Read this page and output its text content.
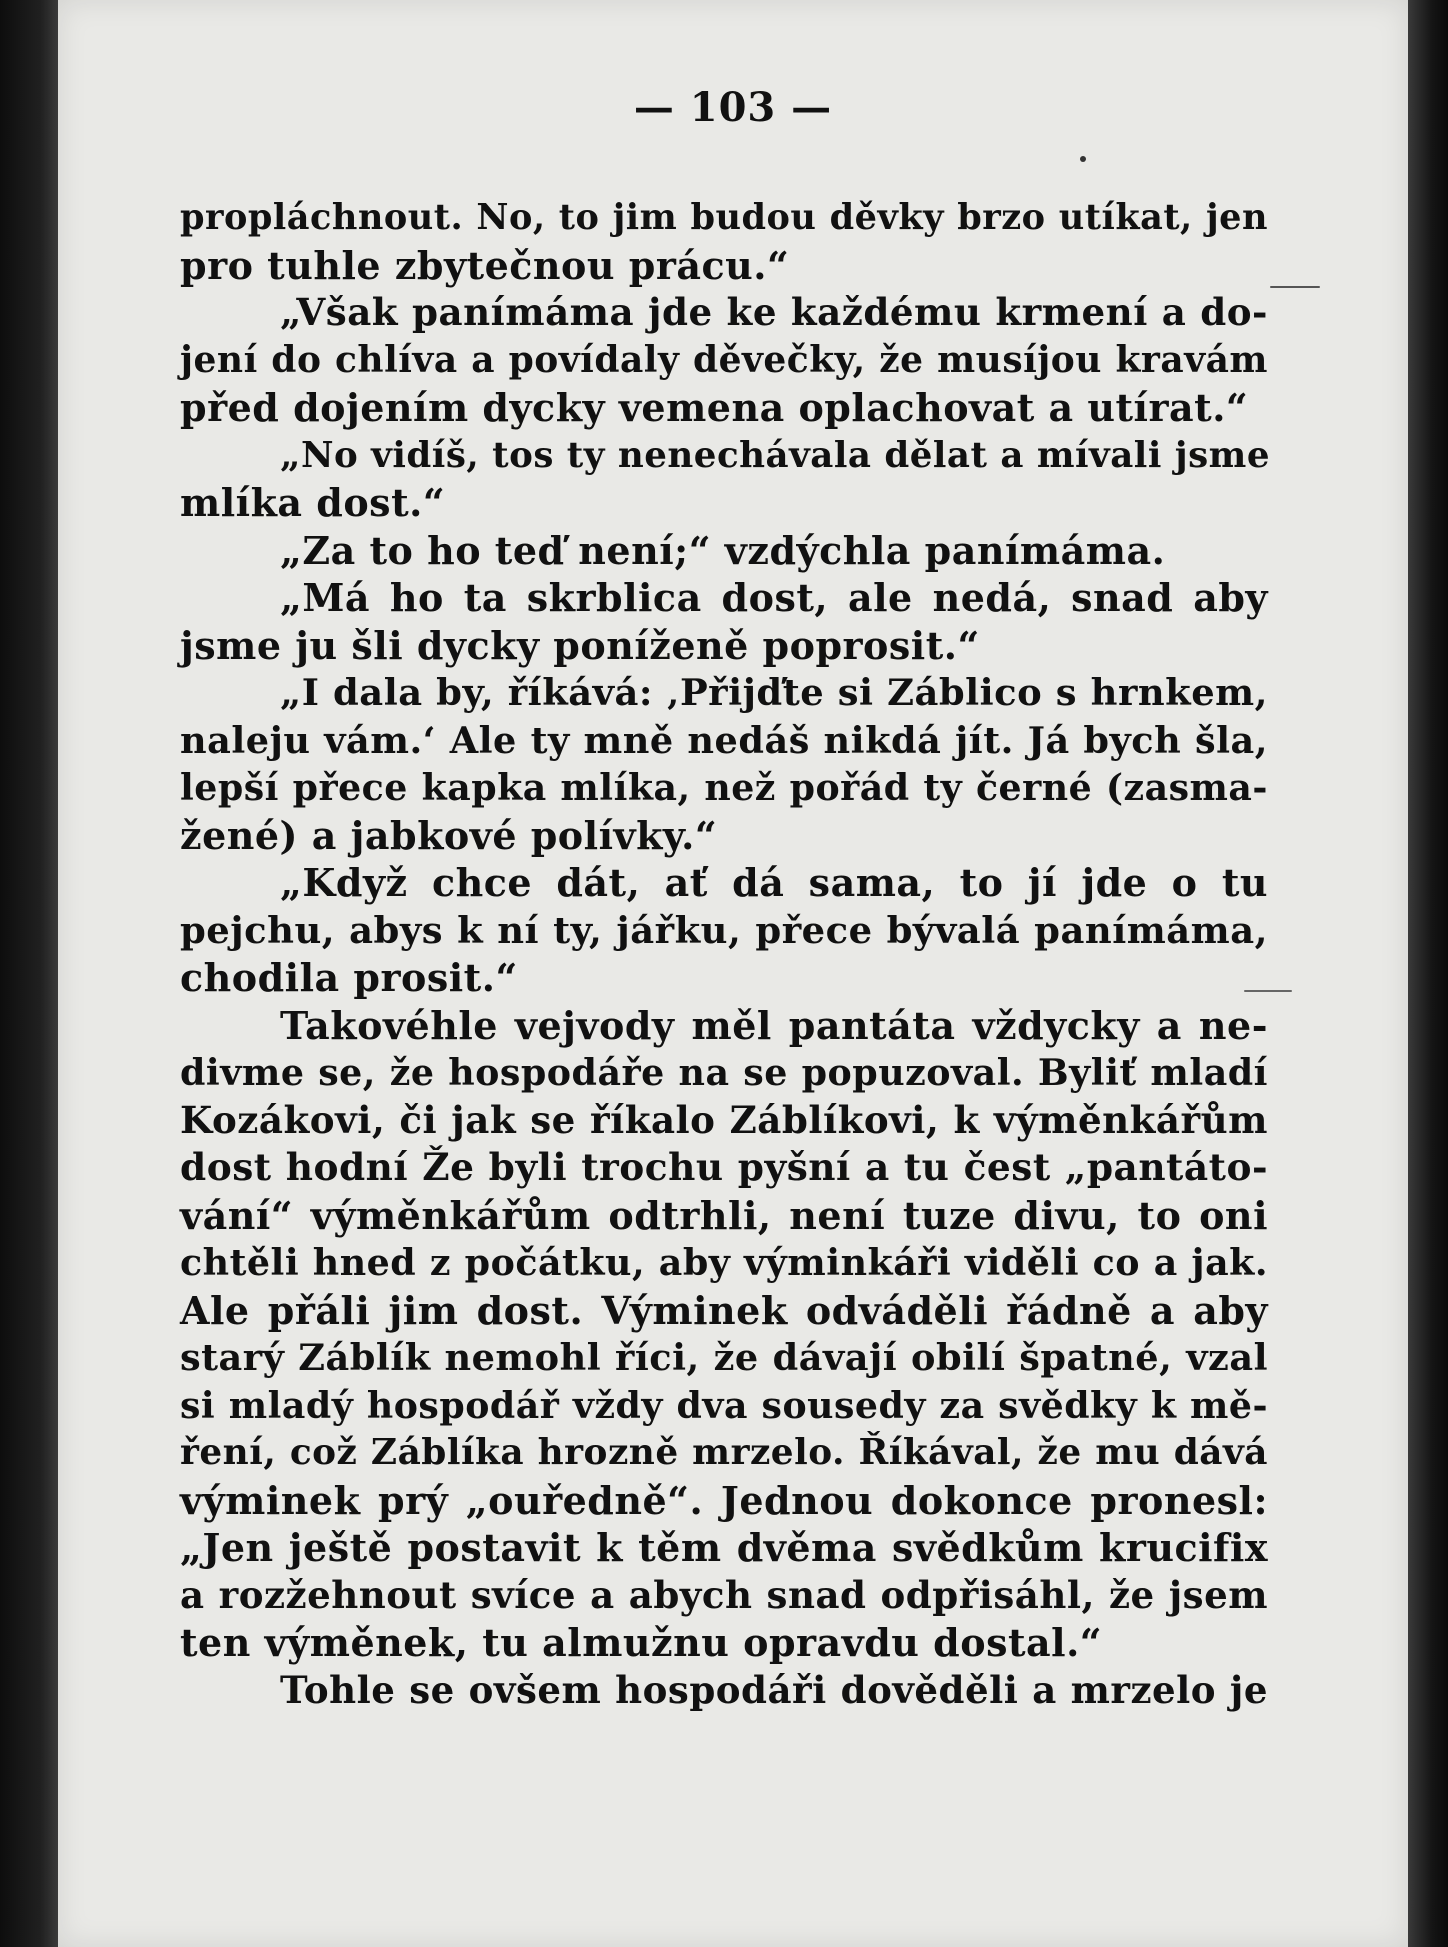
— 103 —
propláchnout. No, to jim budou děvky brzo utíkat, jen
pro tuhle zbytečnou prácu.“
„Však panímáma jde ke každému krmení a do-
jení do chlíva a povídaly děvečky, že musíjou kravám
před dojením dycky vemena oplachovat a utírat.“
„No vidíš, tos ty nenechávala dělat a mívali jsme
mlíka dost.“
„Za to ho teď není;“ vzdýchla panímáma.
„Má ho ta skrblica dost, ale nedá, snad aby
jsme ju šli dycky poníženě poprosit.“
„I dala by, říkává: ‚Přijďte si Záblico s hrnkem,
naleju vám.‘ Ale ty mně nedáš nikdá jít. Já bych šla,
lepší přece kapka mlíka, než pořád ty černé (zasma-
žené) a jabkové polívky.“
„Když chce dát, ať dá sama, to jí jde o tu
pejchu, abys k ní ty, jářku, přece bývalá panímáma,
chodila prosit.“
Takovéhle vejvody měl pantáta vždycky a ne-
divme se, že hospodáře na se popuzoval. Byliť mladí
Kozákovi, či jak se říkalo Záblíkovi, k výměnkářům
dost hodní Že byli trochu pyšní a tu čest „pantáto-
vání“ výměnkářům odtrhli, není tuze divu, to oni
chtěli hned z počátku, aby výminkáři viděli co a jak.
Ale přáli jim dost. Výminek odváděli řádně a aby
starý Záblík nemohl říci, že dávají obilí špatné, vzal
si mladý hospodář vždy dva sousedy za svědky k mě-
ření, což Záblíka hrozně mrzelo. Říkával, že mu dává
výminek prý „ouředně“. Jednou dokonce pronesl:
„Jen ještě postavit k těm dvěma svědkům krucifix
a rozžehnout svíce a abych snad odpřisáhl, že jsem
ten výměnek, tu almužnu opravdu dostal.“
Tohle se ovšem hospodáři dověděli a mrzelo je
